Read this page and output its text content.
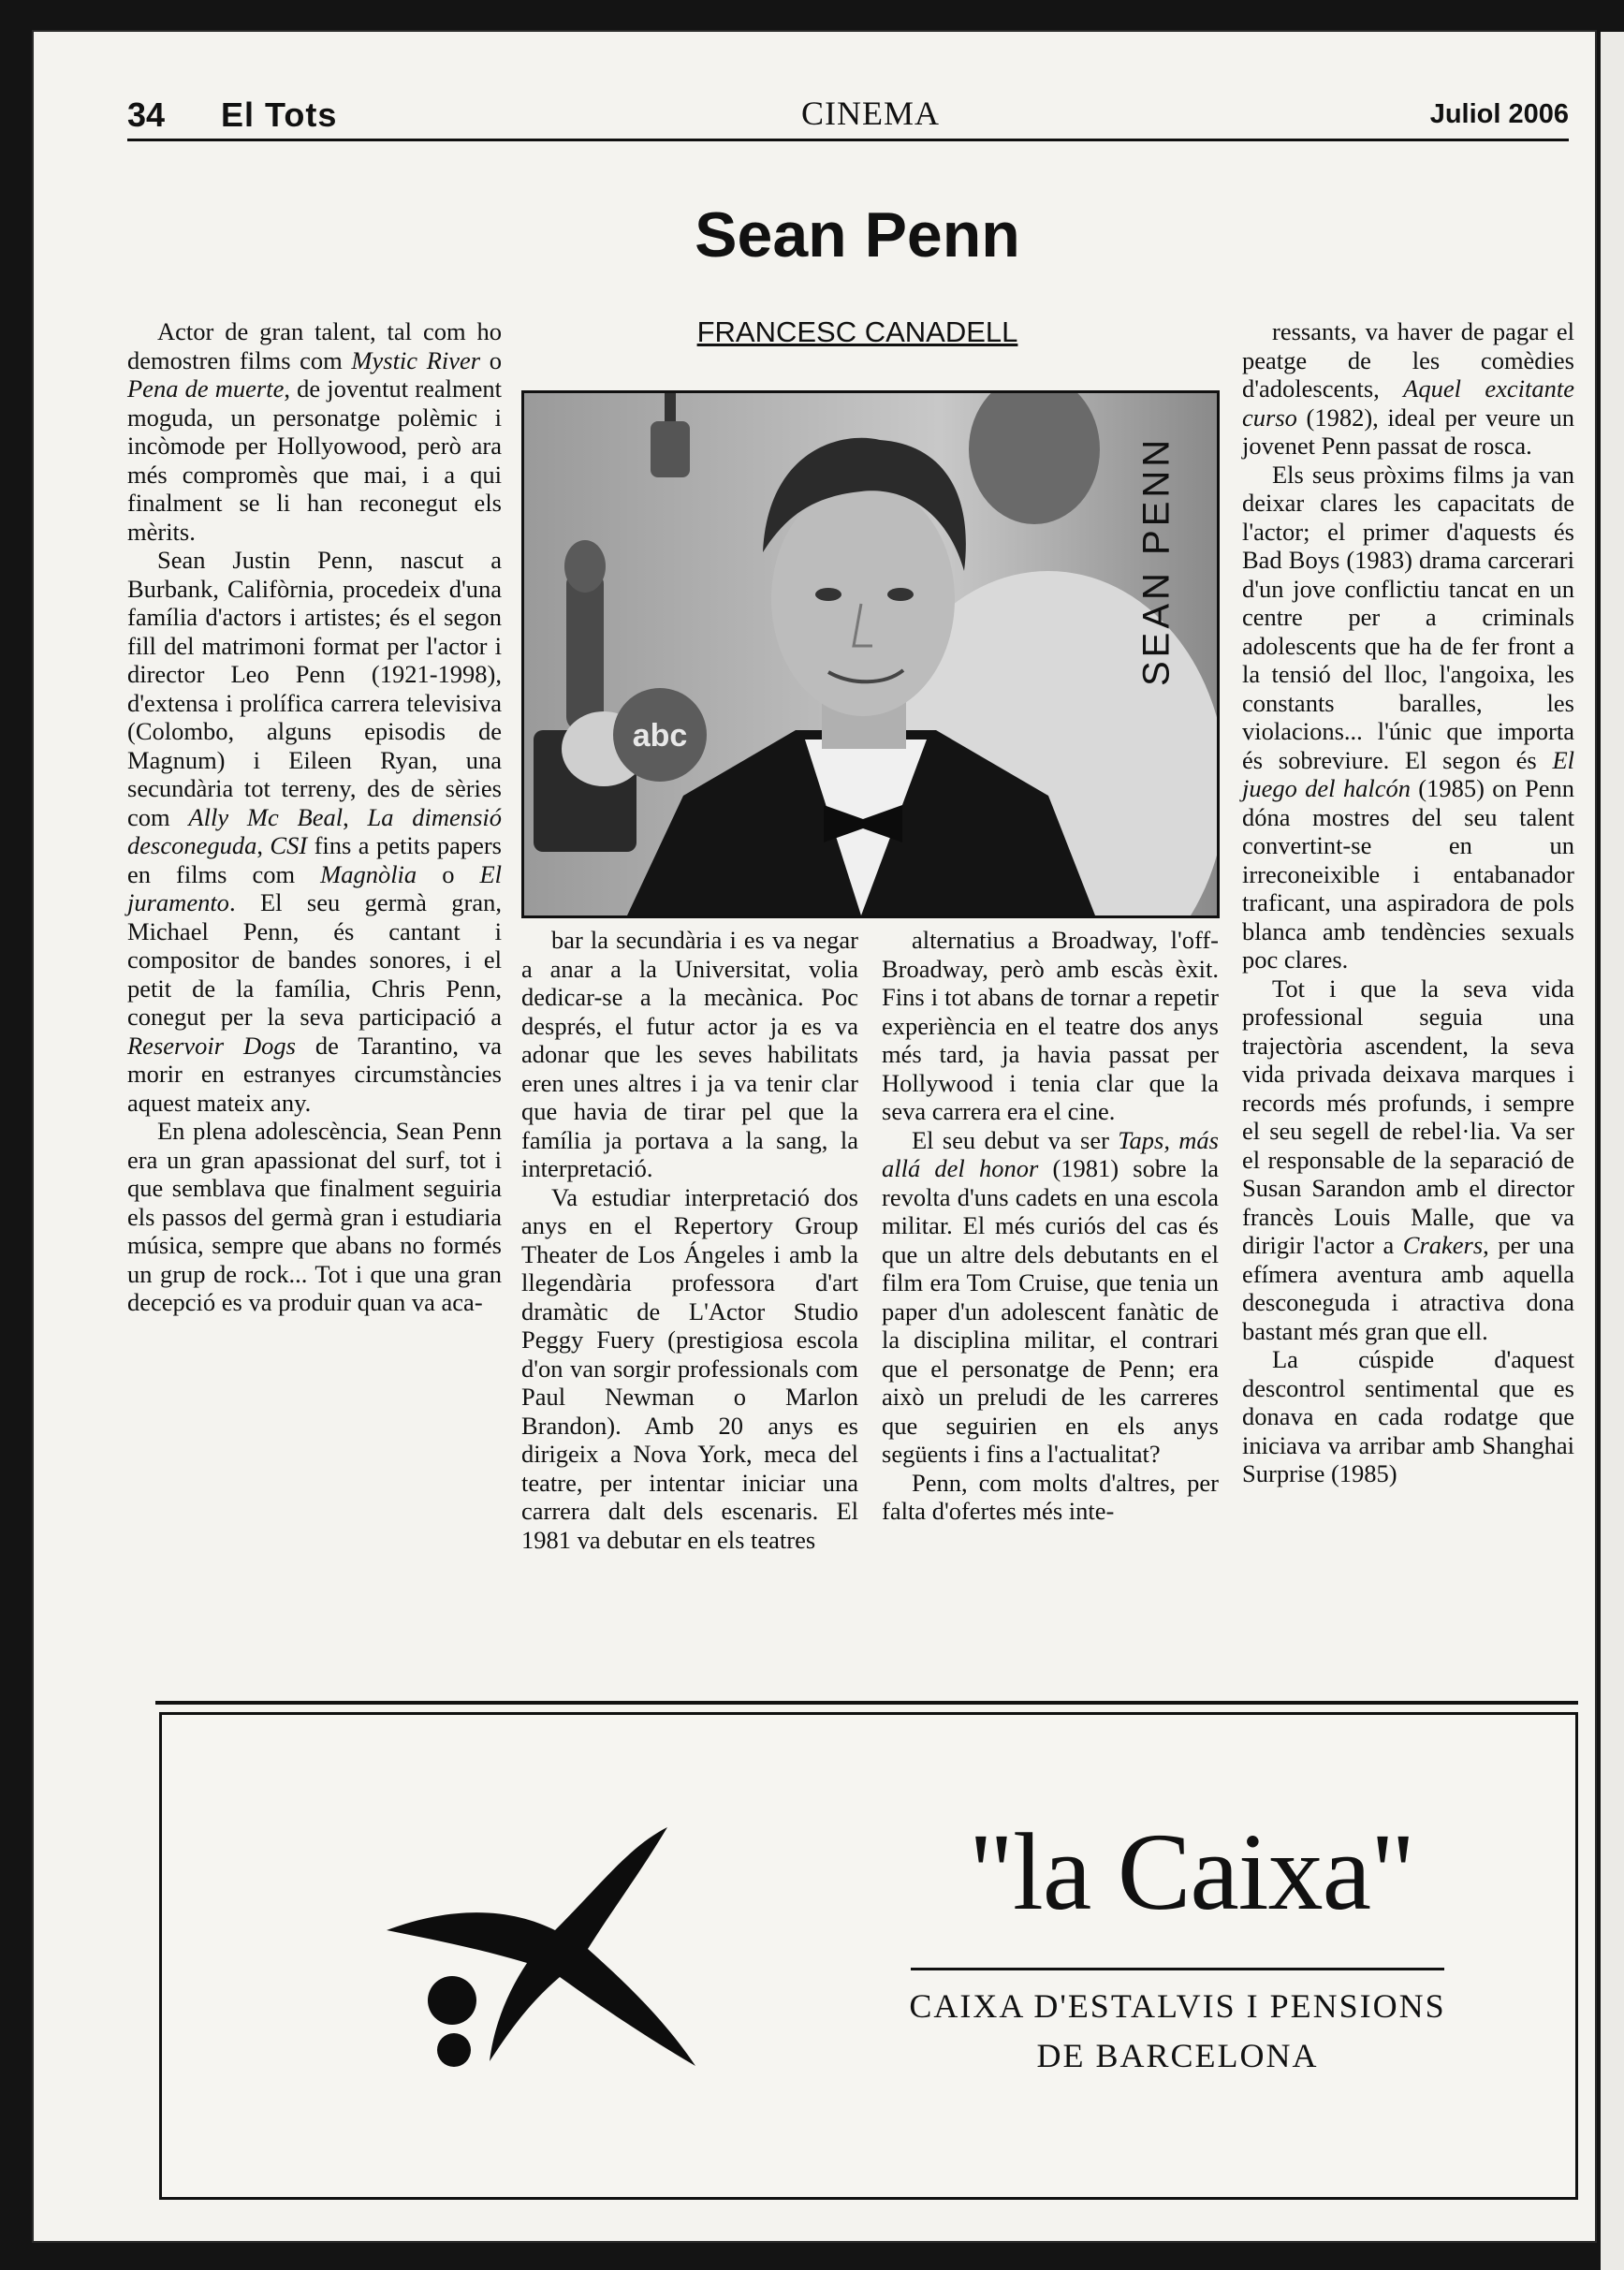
34 El Tots	CINEMA	Juliol 2006
Sean Penn
FRANCESC CANADELL

Actor de gran talent, tal com ho demostren films com Mystic River o Pena de muerte, de joventut realment moguda, un personatge polèmic i incòmode per Hollyowood, però ara més compromès que mai, i a qui finalment se li han reconegut els mèrits.

Sean Justin Penn, nascut a Burbank, Califòrnia, procedeix d'una família d'actors i artistes; és el segon fill del matrimoni format per l'actor i director Leo Penn (1921-1998), d'extensa i prolífica carrera televisiva (Colombo, alguns episodis de Magnum) i Eileen Ryan, una secundària tot terreny, des de sèries com Ally Mc Beal, La dimensió desconeguda, CSI fins a petits papers en films com Magnòlia o El juramento. El seu germà gran, Michael Penn, és cantant i compositor de bandes sonores, i el petit de la família, Chris Penn, conegut per la seva participació a Reservoir Dogs de Tarantino, va morir en estranyes circumstàncies aquest mateix any.

En plena adolescència, Sean Penn era un gran apassionat del surf, tot i que semblava que finalment seguiria els passos del germà gran i estudiaria música, sempre que abans no formés un grup de rock... Tot i que una gran decepció es va produir quan va aca-

abc
SEAN PENN

bar la secundària i es va negar a anar a la Universitat, volia dedicar-se a la mecànica. Poc després, el futur actor ja es va adonar que les seves habilitats eren unes altres i ja va tenir clar que havia de tirar pel que la família ja portava a la sang, la interpretació.

Va estudiar interpretació dos anys en el Repertory Group Theater de Los Ángeles i amb la llegendària professora d'art dramàtic de L'Actor Studio Peggy Fuery (prestigiosa escola d'on van sorgir professionals com Paul Newman o Marlon Brandon). Amb 20 anys es dirigeix a Nova York, meca del teatre, per intentar iniciar una carrera dalt dels escenaris. El 1981 va debutar en els teatres

alternatius a Broadway, l'off-Broadway, però amb escàs èxit. Fins i tot abans de tornar a repetir experiència en el teatre dos anys més tard, ja havia passat per Hollywood i tenia clar que la seva carrera era el cine.

El seu debut va ser Taps, más allá del honor (1981) sobre la revolta d'uns cadets en una escola militar. El més curiós del cas és que un altre dels debutants en el film era Tom Cruise, que tenia un paper d'un adolescent fanàtic de la disciplina militar, el contrari que el personatge de Penn; era això un preludi de les carreres que seguirien en els anys següents i fins a l'actualitat?

Penn, com molts d'altres, per falta d'ofertes més inte-

ressants, va haver de pagar el peatge de les comèdies d'adolescents, Aquel excitante curso (1982), ideal per veure un jovenet Penn passat de rosca.

Els seus pròxims films ja van deixar clares les capacitats de l'actor; el primer d'aquests és Bad Boys (1983) drama carcerari d'un jove conflictiu tancat en un centre per a criminals adolescents que ha de fer front a la tensió del lloc, l'angoixa, les constants baralles, les violacions... l'únic que importa és sobreviure. El segon és El juego del halcón (1985) on Penn dóna mostres del seu talent convertint-se en un irreconeixible i entabanador traficant, una aspiradora de pols blanca amb tendències sexuals poc clares.

Tot i que la seva vida professional seguia una trajectòria ascendent, la seva vida privada deixava marques i records més profunds, i sempre el seu segell de rebel·lia. Va ser el responsable de la separació de Susan Sarandon amb el director francès Louis Malle, que va dirigir l'actor a Crakers, per una efímera aventura amb aquella desconeguda i atractiva dona bastant més gran que ell.

La cúspide d'aquest descontrol sentimental que es donava en cada rodatge que iniciava va arribar amb Shanghai Surprise (1985)

"la Caixa"
CAIXA D'ESTALVIS I PENSIONS
DE BARCELONA
